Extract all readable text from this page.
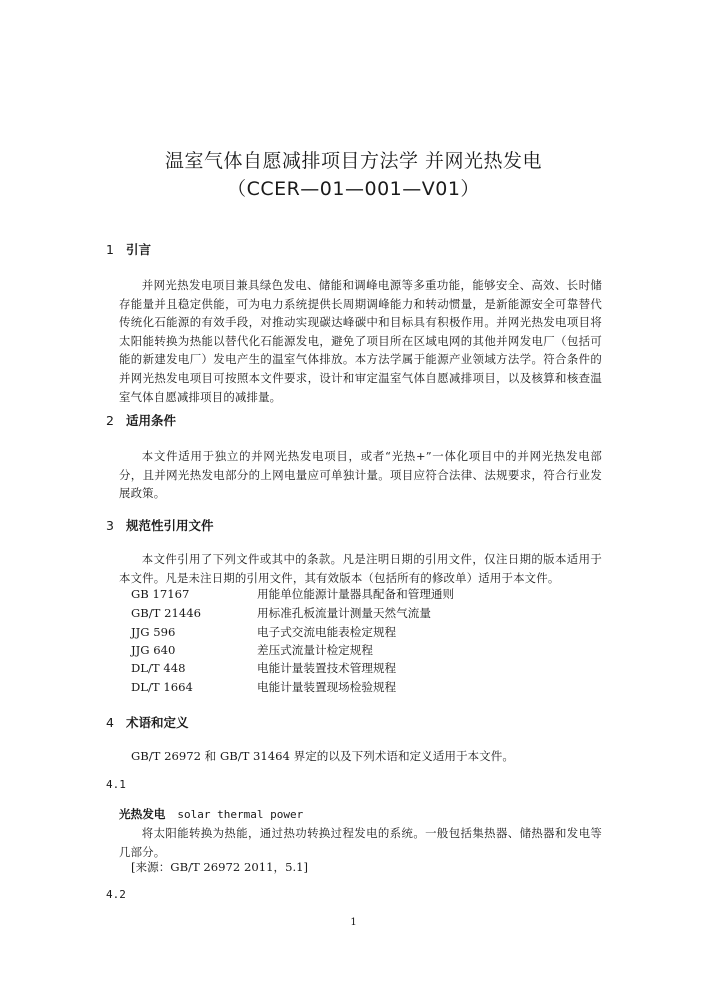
温室气体自愿减排项目方法学 并网光热发电
（CCER—01—001—V01）
1 引言
并网光热发电项目兼具绿色发电、储能和调峰电源等多重功能，能够安全、高效、长时储存能量并且稳定供能，可为电力系统提供长周期调峰能力和转动惯量，是新能源安全可靠替代传统化石能源的有效手段，对推动实现碳达峰碳中和目标具有积极作用。并网光热发电项目将太阳能转换为热能以替代化石能源发电，避免了项目所在区域电网的其他并网发电厂（包括可能的新建发电厂）发电产生的温室气体排放。本方法学属于能源产业领域方法学。符合条件的并网光热发电项目可按照本文件要求，设计和审定温室气体自愿减排项目，以及核算和核查温室气体自愿减排项目的减排量。
2 适用条件
本文件适用于独立的并网光热发电项目，或者“光热+”一体化项目中的并网光热发电部分，且并网光热发电部分的上网电量应可单独计量。项目应符合法律、法规要求，符合行业发展政策。
3 规范性引用文件
本文件引用了下列文件或其中的条款。凡是注明日期的引用文件，仅注日期的版本适用于本文件。凡是未注日期的引用文件，其有效版本（包括所有的修改单）适用于本文件。
GB 17167	用能单位能源计量器具配备和管理通则
GB/T 21446	用标准孔板流量计测量天然气流量
JJG 596	电子式交流电能表检定规程
JJG 640	差压式流量计检定规程
DL/T 448	电能计量装置技术管理规程
DL/T 1664	电能计量装置现场检验规程
4 术语和定义
GB/T 26972 和 GB/T 31464 界定的以及下列术语和定义适用于本文件。
4.1
光热发电 solar thermal power
将太阳能转换为热能，通过热功转换过程发电的系统。一般包括集热器、储热器和发电等几部分。
[来源：GB/T 26972 2011，5.1]
4.2
1
